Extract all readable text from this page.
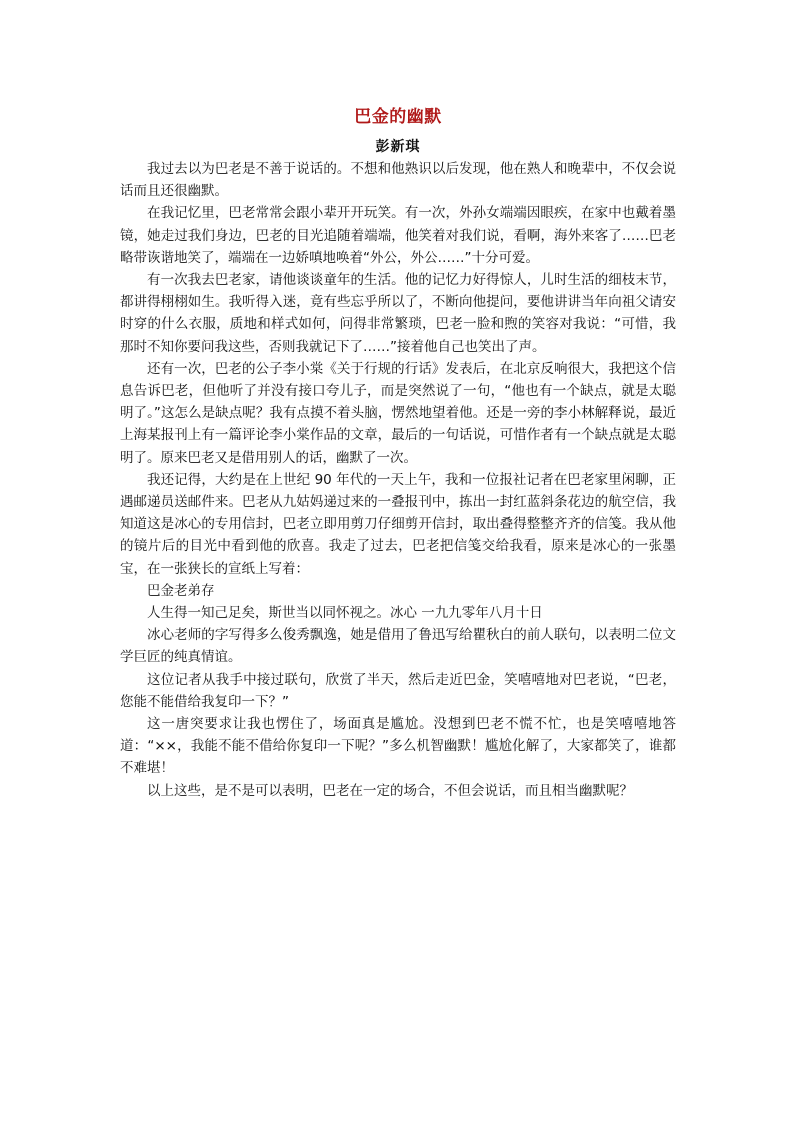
巴金的幽默
彭新琪

我过去以为巴老是不善于说话的。不想和他熟识以后发现，他在熟人和晚辈中，不仅会说话而且还很幽默。

在我记忆里，巴老常常会跟小辈开开玩笑。有一次，外孙女端端因眼疾，在家中也戴着墨镜，她走过我们身边，巴老的目光追随着端端，他笑着对我们说，看啊，海外来客了……巴老略带诙谐地笑了，端端在一边娇嗔地唤着“外公，外公……”十分可爱。

有一次我去巴老家，请他谈谈童年的生活。他的记忆力好得惊人，儿时生活的细枝末节，都讲得栩栩如生。我听得入迷，竟有些忘乎所以了，不断向他提问，要他讲讲当年向祖父请安时穿的什么衣服，质地和样式如何，问得非常繁琐，巴老一脸和煦的笑容对我说：“可惜，我那时不知你要问我这些，否则我就记下了……”接着他自己也笑出了声。

还有一次，巴老的公子李小棠《关于行规的行话》发表后，在北京反响很大，我把这个信息告诉巴老，但他听了并没有接口夸儿子，而是突然说了一句，“他也有一个缺点，就是太聪明了。”这怎么是缺点呢？我有点摸不着头脑，愣然地望着他。还是一旁的李小林解释说，最近上海某报刊上有一篇评论李小棠作品的文章，最后的一句话说，可惜作者有一个缺点就是太聪明了。原来巴老又是借用别人的话，幽默了一次。

我还记得，大约是在上世纪 90 年代的一天上午，我和一位报社记者在巴老家里闲聊，正遇邮递员送邮件来。巴老从九姑妈递过来的一叠报刊中，拣出一封红蓝斜条花边的航空信，我知道这是冰心的专用信封，巴老立即用剪刀仔细剪开信封，取出叠得整整齐齐的信笺。我从他的镜片后的目光中看到他的欣喜。我走了过去，巴老把信笺交给我看，原来是冰心的一张墨宝，在一张狭长的宣纸上写着：

巴金老弟存

人生得一知己足矣，斯世当以同怀视之。冰心 一九九零年八月十日

冰心老师的字写得多么俊秀飘逸，她是借用了鲁迅写给瞿秋白的前人联句，以表明二位文学巨匠的纯真情谊。

这位记者从我手中接过联句，欣赏了半天，然后走近巴金，笑嘻嘻地对巴老说，“巴老，您能不能借给我复印一下？”

这一唐突要求让我也愣住了，场面真是尴尬。没想到巴老不慌不忙，也是笑嘻嘻地答道：“××，我能不能不借给你复印一下呢？”多么机智幽默！尴尬化解了，大家都笑了，谁都不难堪！

以上这些，是不是可以表明，巴老在一定的场合，不但会说话，而且相当幽默呢？
